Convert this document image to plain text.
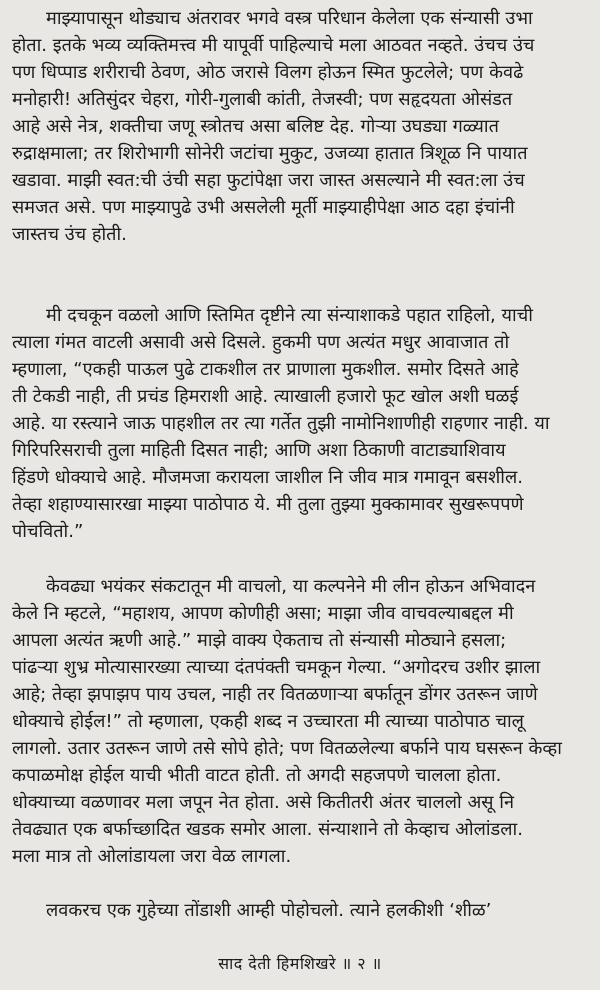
माझ्यापासून थोड्याच अंतरावर भगवे वस्त्र परिधान केलेला एक संन्यासी उभा
होता. इतके भव्य व्यक्तिमत्त्व मी यापूर्वी पाहिल्याचे मला आठवत नव्हते. उंचच उंच
पण धिप्पाड शरीराची ठेवण, ओठ जरासे विलग होऊन स्मित फुटलेले; पण केवढे
मनोहारी! अतिसुंदर चेहरा, गोरी-गुलाबी कांती, तेजस्वी; पण सहृदयता ओसंडत
आहे असे नेत्र, शक्तीचा जणू स्त्रोतच असा बलिष्ट देह. गोऱ्या उघड्या गळ्यात
रुद्राक्षमाला; तर शिरोभागी सोनेरी जटांचा मुकुट, उजव्या हातात त्रिशूळ नि पायात
खडावा. माझी स्वत:ची उंची सहा फुटांपेक्षा जरा जास्त असल्याने मी स्वत:ला उंच
समजत असे. पण माझ्यापुढे उभी असलेली मूर्ती माझ्याहीपेक्षा आठ दहा इंचांनी
जास्तच उंच होती.

मी दचकून वळलो आणि स्तिमित दृष्टीने त्या संन्याशाकडे पहात राहिलो, याची
त्याला गंमत वाटली असावी असे दिसले. हुकमी पण अत्यंत मधुर आवाजात तो
म्हणाला, “एकही पाऊल पुढे टाकशील तर प्राणाला मुकशील. समोर दिसते आहे
ती टेकडी नाही, ती प्रचंड हिमराशी आहे. त्याखाली हजारो फूट खोल अशी घळई
आहे. या रस्त्याने जाऊ पाहशील तर त्या गर्तेत तुझी नामोनिशाणीही राहणार नाही. या
गिरिपरिसराची तुला माहिती दिसत नाही; आणि अशा ठिकाणी वाटाड्याशिवाय
हिंडणे धोक्याचे आहे. मौजमजा करायला जाशील नि जीव मात्र गमावून बसशील.
तेव्हा शहाण्यासारखा माझ्या पाठोपाठ ये. मी तुला तुझ्या मुक्कामावर सुखरूपपणे
पोचवितो.”

केवढ्या भयंकर संकटातून मी वाचलो, या कल्पनेने मी लीन होऊन अभिवादन
केले नि म्हटले, “महाशय, आपण कोणीही असा; माझा जीव वाचवल्याबद्दल मी
आपला अत्यंत ऋणी आहे.” माझे वाक्य ऐकताच तो संन्यासी मोठ्याने हसला;
पांढऱ्या शुभ्र मोत्यासारख्या त्याच्या दंतपंक्ती चमकून गेल्या. “अगोदरच उशीर झाला
आहे; तेव्हा झपाझप पाय उचल, नाही तर वितळणाऱ्या बर्फातून डोंगर उतरून जाणे
धोक्याचे होईल!” तो म्हणाला, एकही शब्द न उच्चारता मी त्याच्या पाठोपाठ चालू
लागलो. उतार उतरून जाणे तसे सोपे होते; पण वितळलेल्या बर्फाने पाय घसरून केव्हा
कपाळमोक्ष होईल याची भीती वाटत होती. तो अगदी सहजपणे चालला होता.
धोक्याच्या वळणावर मला जपून नेत होता. असे कितीतरी अंतर चाललो असू नि
तेवढ्यात एक बर्फाच्छादित खडक समोर आला. संन्याशाने तो केव्हाच ओलांडला.
मला मात्र तो ओलांडायला जरा वेळ लागला.

लवकरच एक गुहेच्या तोंडाशी आम्ही पोहोचलो. त्याने हलकीशी ‘शीळ’

साद देती हिमशिखरे ॥ २ ॥
